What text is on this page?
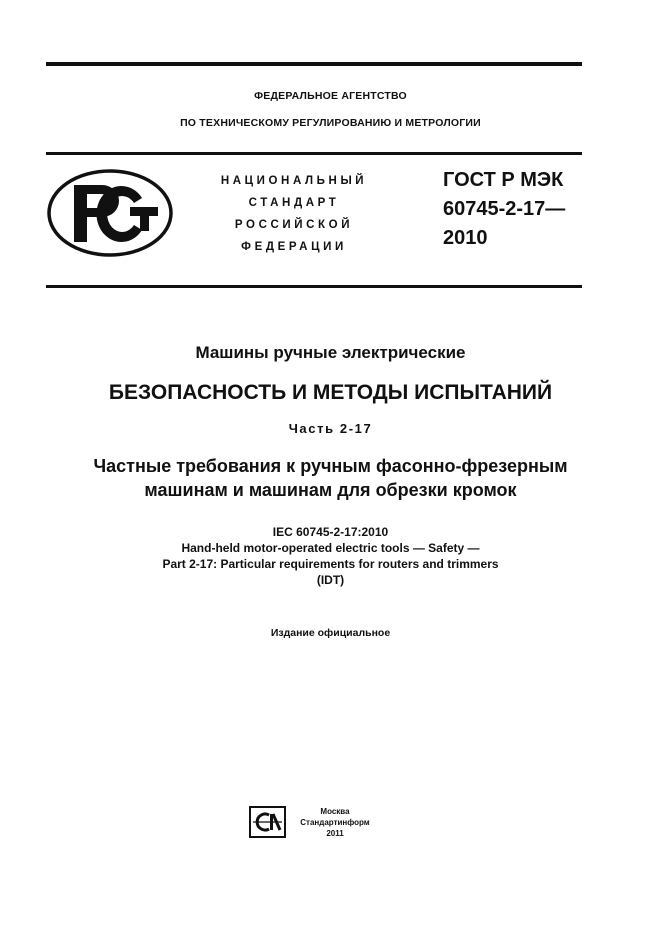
ФЕДЕРАЛЬНОЕ АГЕНТСТВО
ПО ТЕХНИЧЕСКОМУ РЕГУЛИРОВАНИЮ И МЕТРОЛОГИИ
НАЦИОНАЛЬНЫЙ
СТАНДАРТ
РОССИЙСКОЙ
ФЕДЕРАЦИИ
ГОСТ Р МЭК
60745-2-17—
2010
Машины ручные электрические
БЕЗОПАСНОСТЬ И МЕТОДЫ ИСПЫТАНИЙ
Часть 2-17
Частные требования к ручным фасонно-фрезерным
машинам и машинам для обрезки кромок
IEC 60745-2-17:2010
Hand-held motor-operated electric tools — Safety —
Part 2-17: Particular requirements for routers and trimmers
(IDT)
Издание официальное
Москва
Стандартинформ
2011
